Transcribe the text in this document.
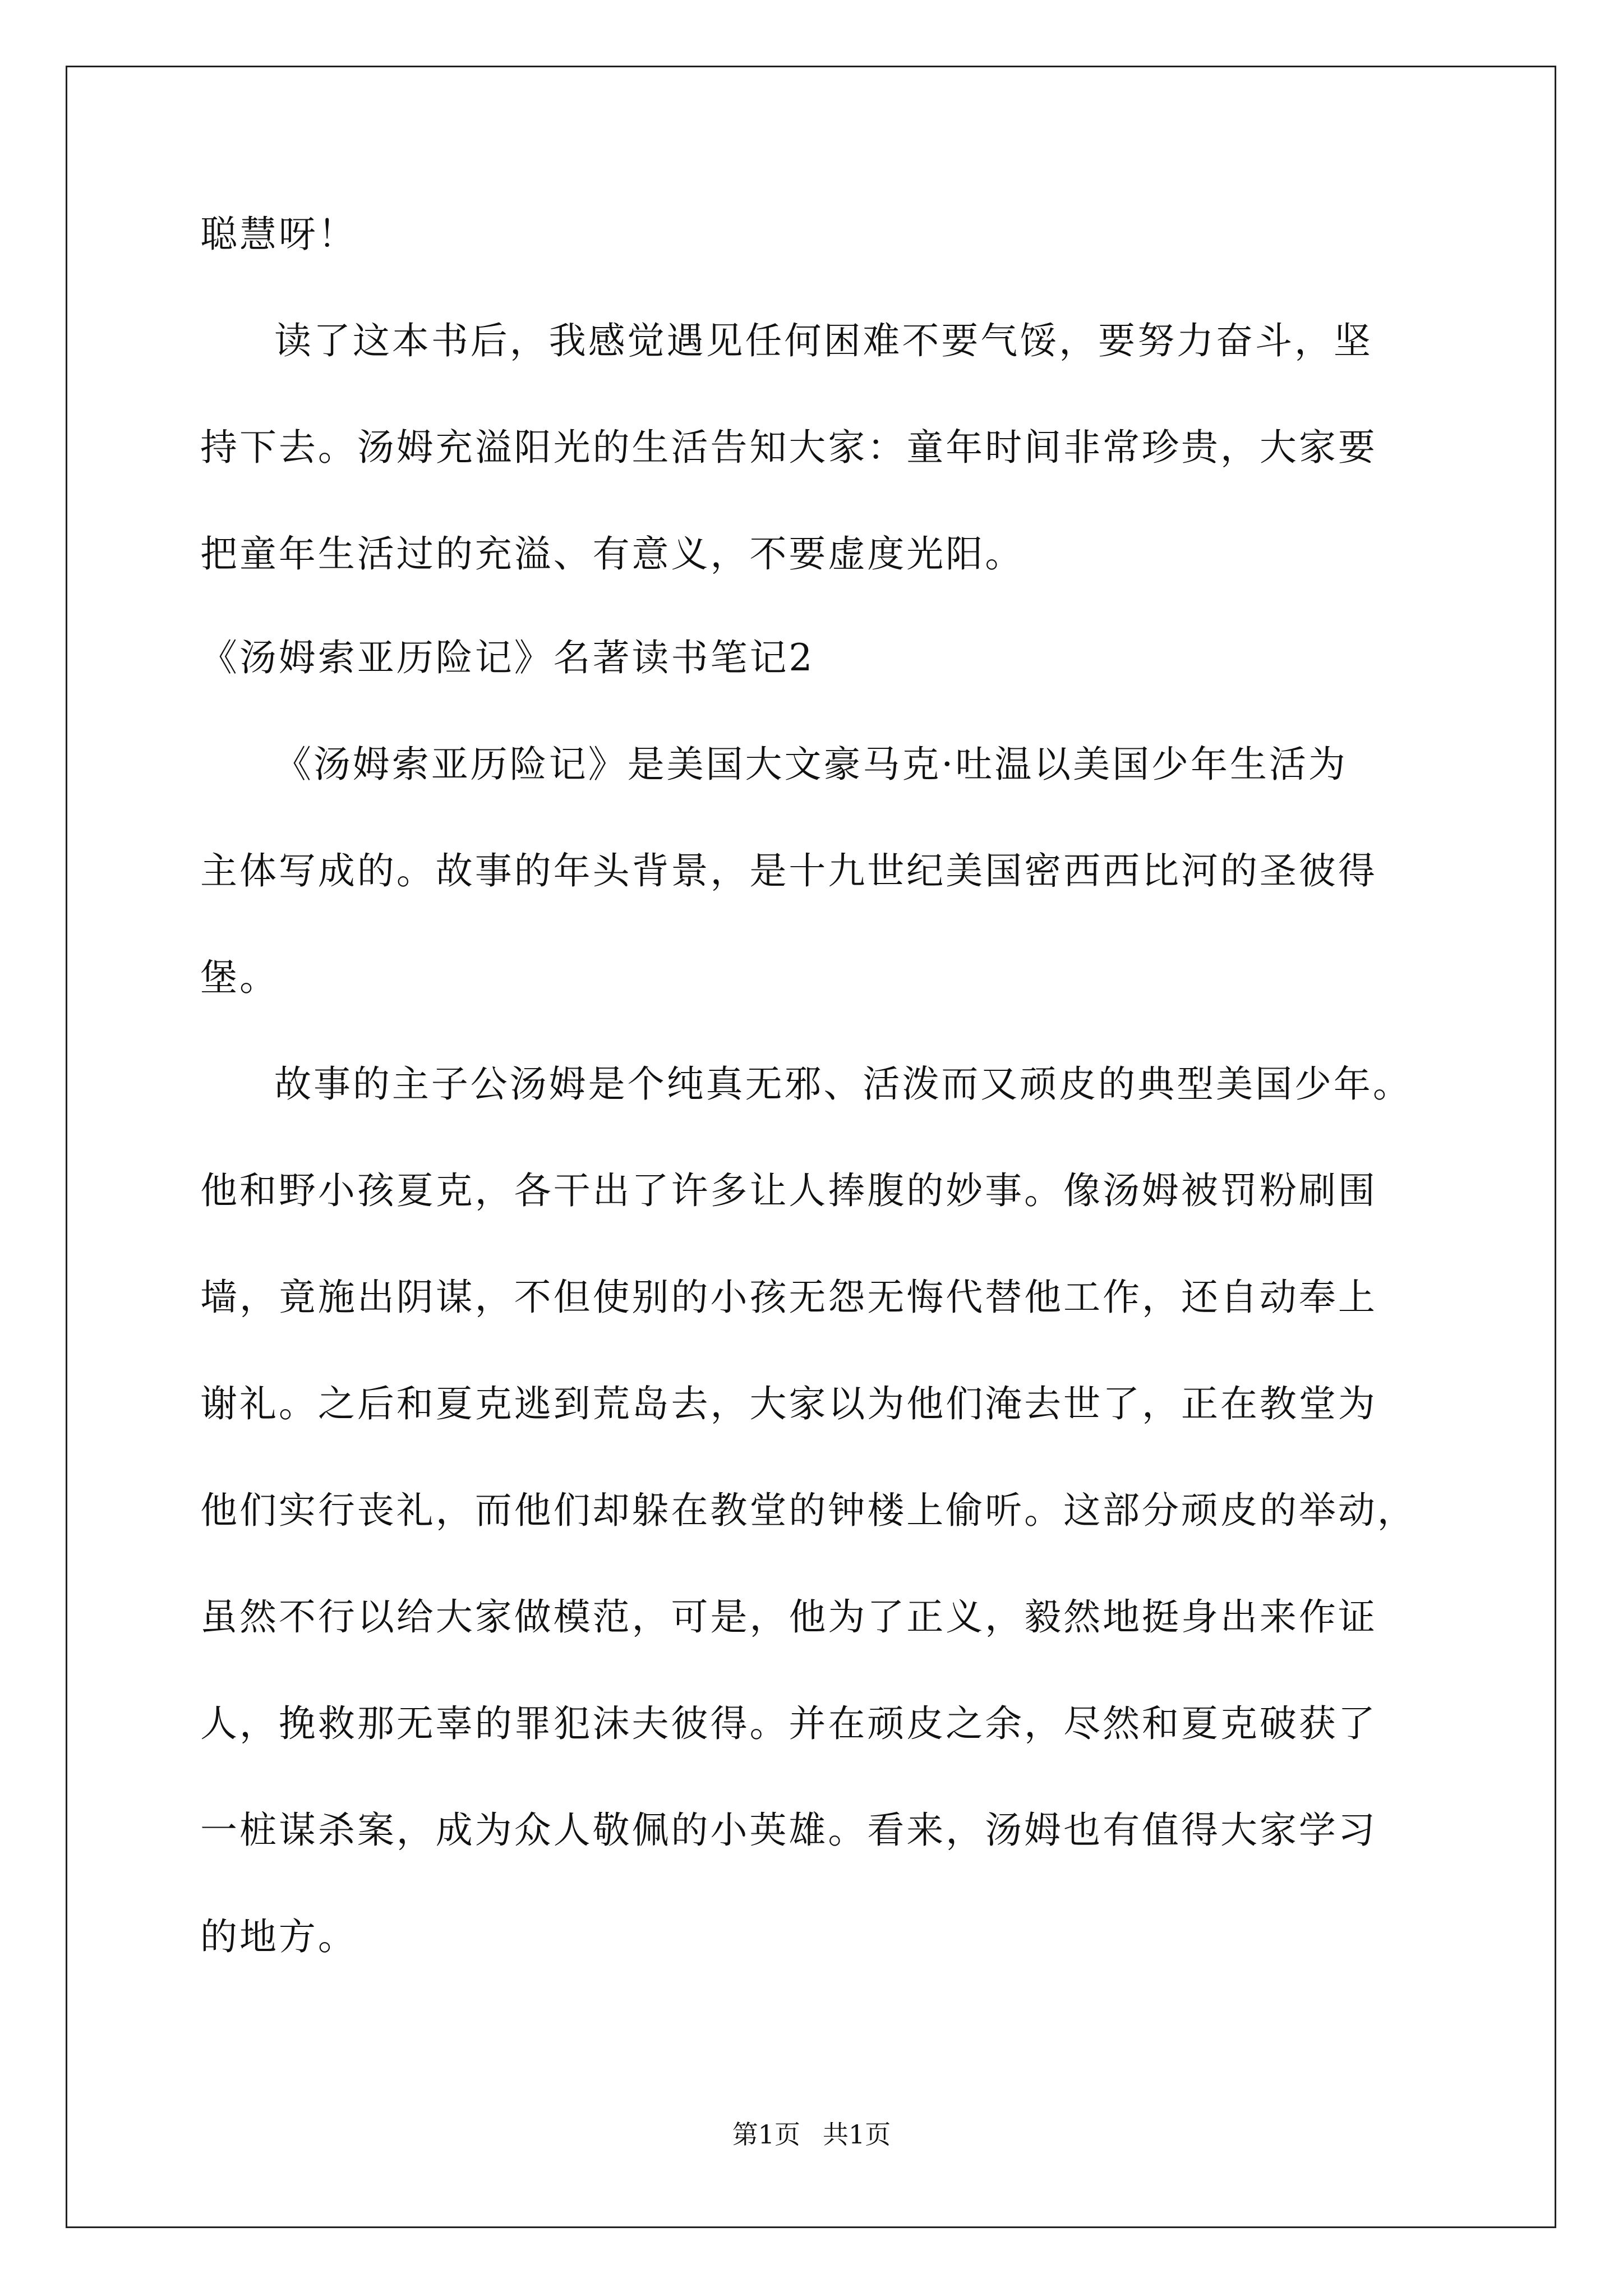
聪慧呀！
读了这本书后，我感觉遇见任何困难不要气馁，要努力奋斗，坚
持下去。汤姆充溢阳光的生活告知大家：童年时间非常珍贵，大家要
把童年生活过的充溢、有意义，不要虚度光阳。
《汤姆索亚历险记》名著读书笔记2
《汤姆索亚历险记》是美国大文豪马克·吐温以美国少年生活为
主体写成的。故事的年头背景，是十九世纪美国密西西比河的圣彼得
堡。
故事的主子公汤姆是个纯真无邪、活泼而又顽皮的典型美国少年。
他和野小孩夏克，各干出了许多让人捧腹的妙事。像汤姆被罚粉刷围
墙，竟施出阴谋，不但使别的小孩无怨无悔代替他工作，还自动奉上
谢礼。之后和夏克逃到荒岛去，大家以为他们淹去世了，正在教堂为
他们实行丧礼，而他们却躲在教堂的钟楼上偷听。这部分顽皮的举动，
虽然不行以给大家做模范，可是，他为了正义，毅然地挺身出来作证
人，挽救那无辜的罪犯沫夫彼得。并在顽皮之余，尽然和夏克破获了
一桩谋杀案，成为众人敬佩的小英雄。看来，汤姆也有值得大家学习
的地方。
第1页 共1页
